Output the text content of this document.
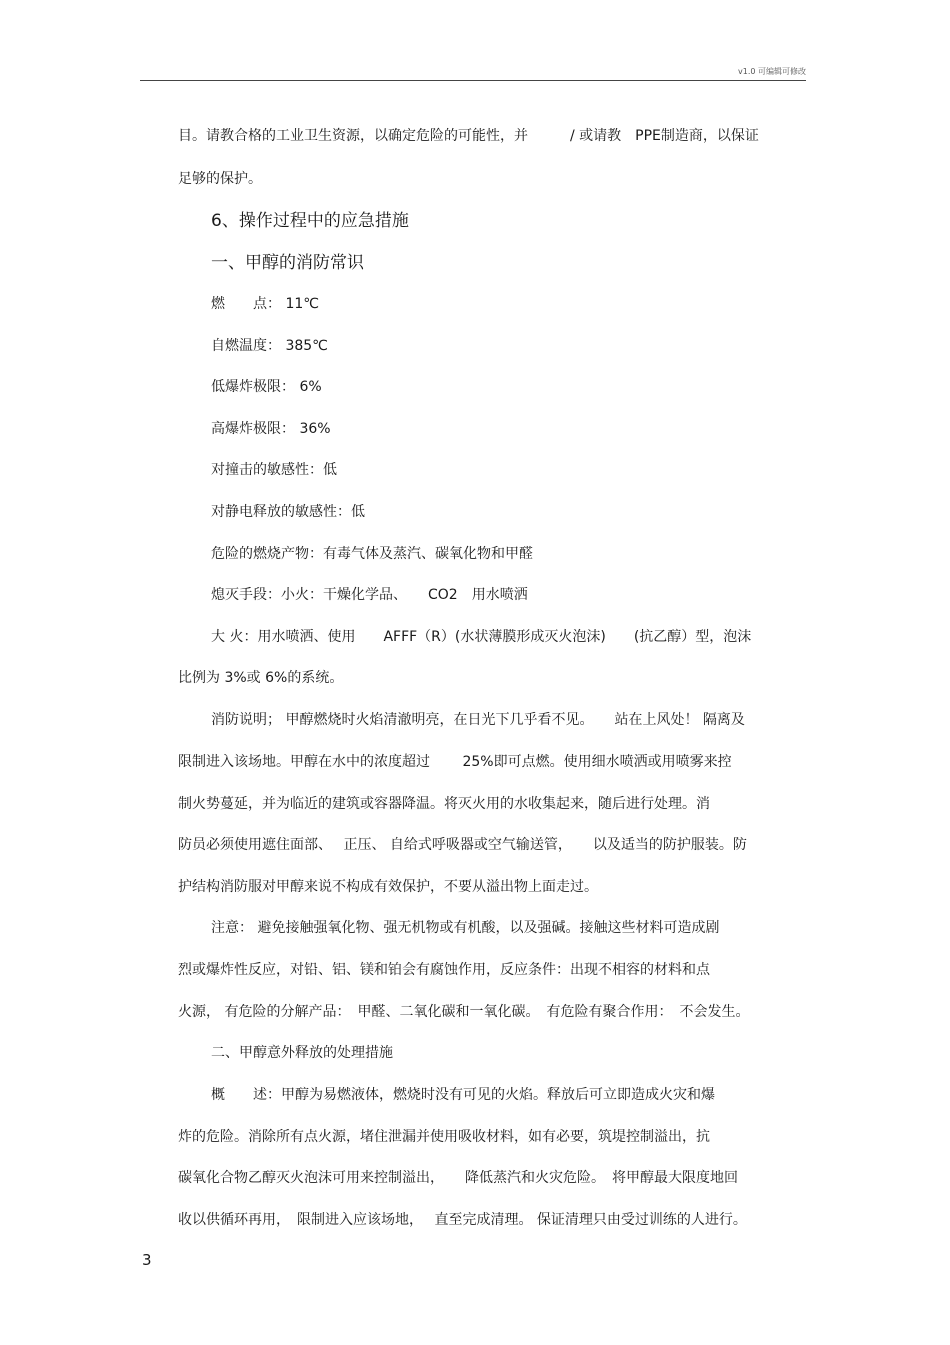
v1.0 可编辑可修改
目。请教合格的工业卫生资源，以确定危险的可能性，并　　　/ 或请教　PPE制造商，以保证
足够的保护。
6、操作过程中的应急措施
一、甲醇的消防常识
燃　　点： 11℃
自燃温度： 385℃
低爆炸极限： 6%
高爆炸极限： 36%
对撞击的敏感性：低
对静电释放的敏感性：低
危险的燃烧产物：有毒气体及蒸汽、碳氧化物和甲醛
熄灭手段：小火：干燥化学品、　　CO2　用水喷洒
大 火：用水喷洒、使用　　AFFF（R）(水状薄膜形成灭火泡沫)　　(抗乙醇）型，泡沫
比例为 3%或 6%的系统。
消防说明； 甲醇燃烧时火焰清澈明亮，在日光下几乎看不见。　　站在上风处！ 隔离及
限制进入该场地。甲醇在水中的浓度超过　　 25%即可点燃。使用细水喷洒或用喷雾来控
制火势蔓延，并为临近的建筑或容器降温。将灭火用的水收集起来，随后进行处理。消
防员必须使用遮住面部、　 正压、 自给式呼吸器或空气输送管，　　以及适当的防护服装。防
护结构消防服对甲醇来说不构成有效保护，不要从溢出物上面走过。
注意： 避免接触强氧化物、强无机物或有机酸，以及强碱。接触这些材料可造成剧
烈或爆炸性反应，对铅、铝、镁和铂会有腐蚀作用，反应条件：出现不相容的材料和点
火源， 有危险的分解产品：　甲醛、二氧化碳和一氧化碳。　有危险有聚合作用：　不会发生。
二、甲醇意外释放的处理措施
概　　述：甲醇为易燃液体，燃烧时没有可见的火焰。释放后可立即造成火灾和爆
炸的危险。消除所有点火源，堵住泄漏并使用吸收材料，如有必要，筑堤控制溢出，抗
碳氧化合物乙醇灭火泡沫可用来控制溢出，　　降低蒸汽和火灾危险。　将甲醇最大限度地回
收以供循环再用，　限制进入应该场地，　 直至完成清理。 保证清理只由受过训练的人进行。
3
